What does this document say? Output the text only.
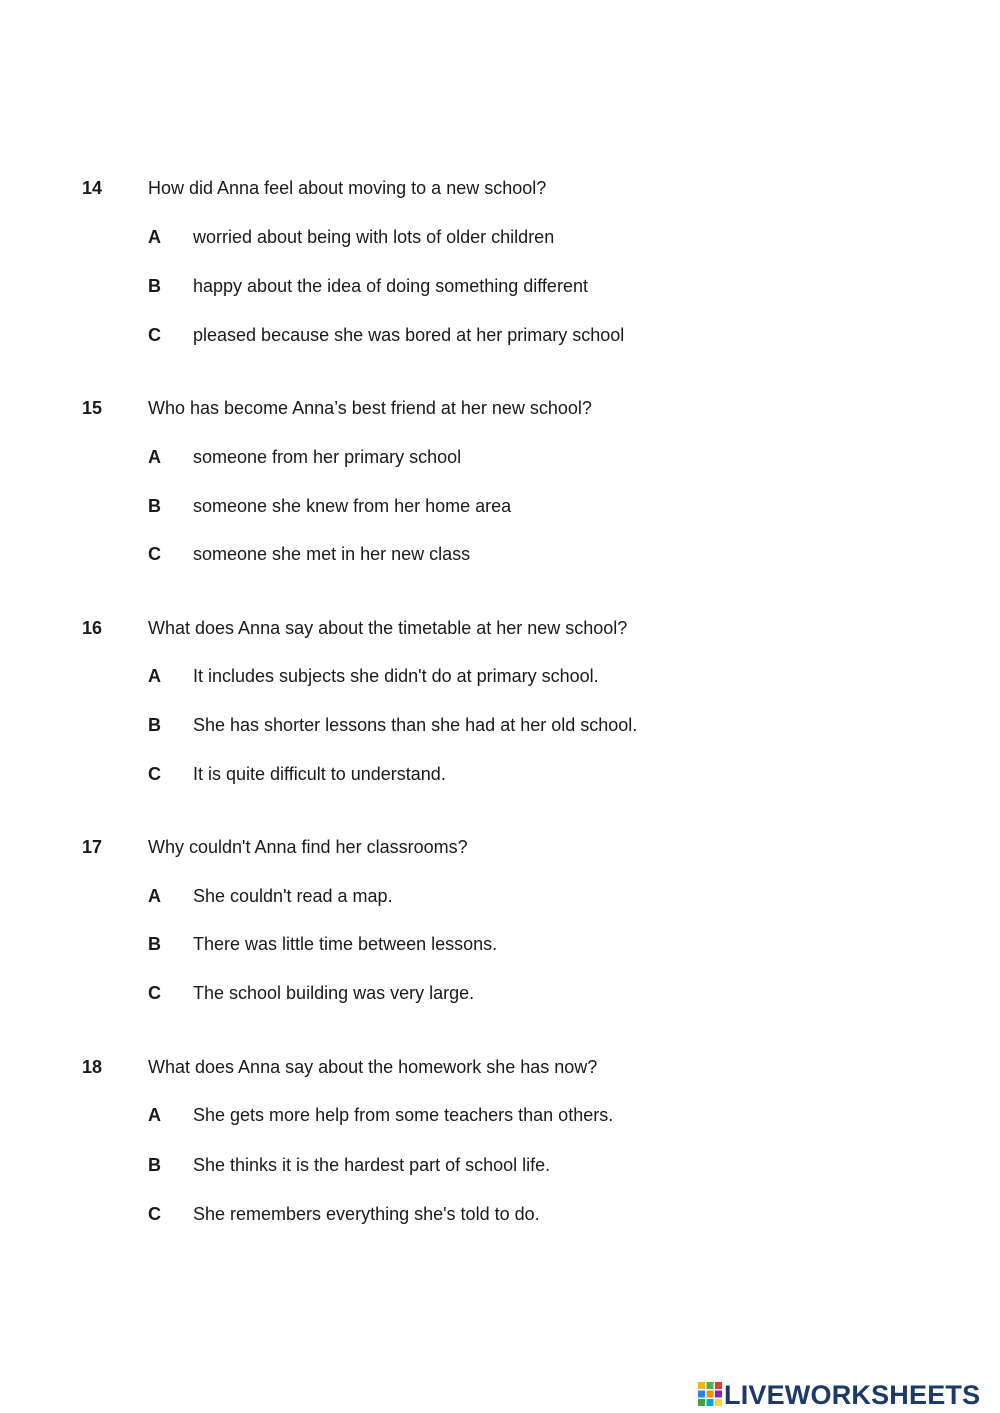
14	How did Anna feel about moving to a new school?
A worried about being with lots of older children
B happy about the idea of doing something different
C pleased because she was bored at her primary school
15	Who has become Anna’s best friend at her new school?
A someone from her primary school
B someone she knew from her home area
C someone she met in her new class
16	What does Anna say about the timetable at her new school?
A It includes subjects she didn't do at primary school.
B She has shorter lessons than she had at her old school.
C It is quite difficult to understand.
17	Why couldn't Anna find her classrooms?
A She couldn't read a map.
B There was little time between lessons.
C The school building was very large.
18	What does Anna say about the homework she has now?
A She gets more help from some teachers than others.
B She thinks it is the hardest part of school life.
C She remembers everything she's told to do.
LIVEWORKSHEETS
